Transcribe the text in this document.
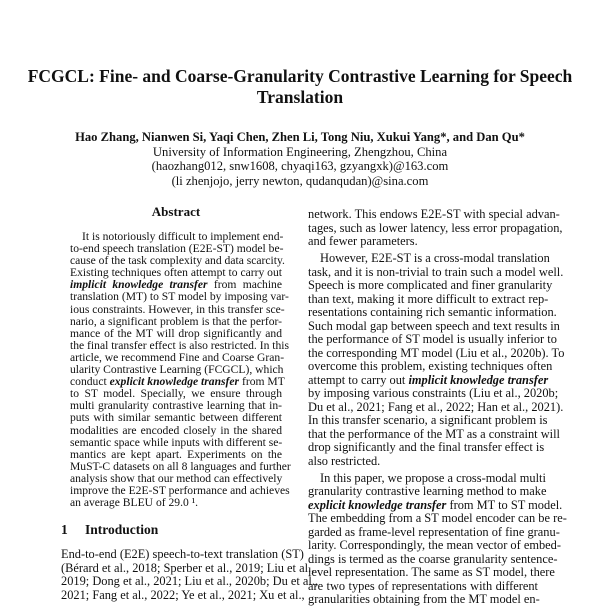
FCGCL: Fine- and Coarse-Granularity Contrastive Learning for Speech Translation
Hao Zhang, Nianwen Si, Yaqi Chen, Zhen Li, Tong Niu, Xukui Yang*, and Dan Qu*
University of Information Engineering, Zhengzhou, China
(haozhang012, snw1608, chyaqi163, gzyangxk)@163.com
(li zhenjojo, jerry newton, qudanqudan)@sina.com
Abstract
It is notoriously difficult to implement end-
to-end speech translation (E2E-ST) model be-
cause of the task complexity and data scarcity.
Existing techniques often attempt to carry out
implicit knowledge transfer from machine
translation (MT) to ST model by imposing var-
ious constraints. However, in this transfer sce-
nario, a significant problem is that the perfor-
mance of the MT will drop significantly and
the final transfer effect is also restricted. In this
article, we recommend Fine and Coarse Gran-
ularity Contrastive Learning (FCGCL), which
conduct explicit knowledge transfer from MT
to ST model. Specially, we ensure through
multi granularity contrastive learning that in-
puts with similar semantic between different
modalities are encoded closely in the shared
semantic space while inputs with different se-
mantics are kept apart. Experiments on the
MuST-C datasets on all 8 languages and further
analysis show that our method can effectively
improve the E2E-ST performance and achieves
an average BLEU of 29.0 ¹.
1 Introduction
End-to-end (E2E) speech-to-text translation (ST)
(Bérard et al., 2018; Sperber et al., 2019; Liu et al.,
2019; Dong et al., 2021; Liu et al., 2020b; Du et al.,
2021; Fang et al., 2022; Ye et al., 2021; Xu et al.,
network. This endows E2E-ST with special advan-
tages, such as lower latency, less error propagation,
and fewer parameters.
However, E2E-ST is a cross-modal translation
task, and it is non-trivial to train such a model well.
Speech is more complicated and finer granularity
than text, making it more difficult to extract rep-
resentations containing rich semantic information.
Such modal gap between speech and text results in
the performance of ST model is usually inferior to
the corresponding MT model (Liu et al., 2020b). To
overcome this problem, existing techniques often
attempt to carry out implicit knowledge transfer
by imposing various constraints (Liu et al., 2020b;
Du et al., 2021; Fang et al., 2022; Han et al., 2021).
In this transfer scenario, a significant problem is
that the performance of the MT as a constraint will
drop significantly and the final transfer effect is
also restricted.
In this paper, we propose a cross-modal multi
granularity contrastive learning method to make
explicit knowledge transfer from MT to ST model.
The embedding from a ST model encoder can be re-
garded as frame-level representation of fine granu-
larity. Correspondingly, the mean vector of embed-
dings is termed as the coarse granularity sentence-
level representation. The same as ST model, there
are two types of representations with different
granularities obtaining from the MT model en-
